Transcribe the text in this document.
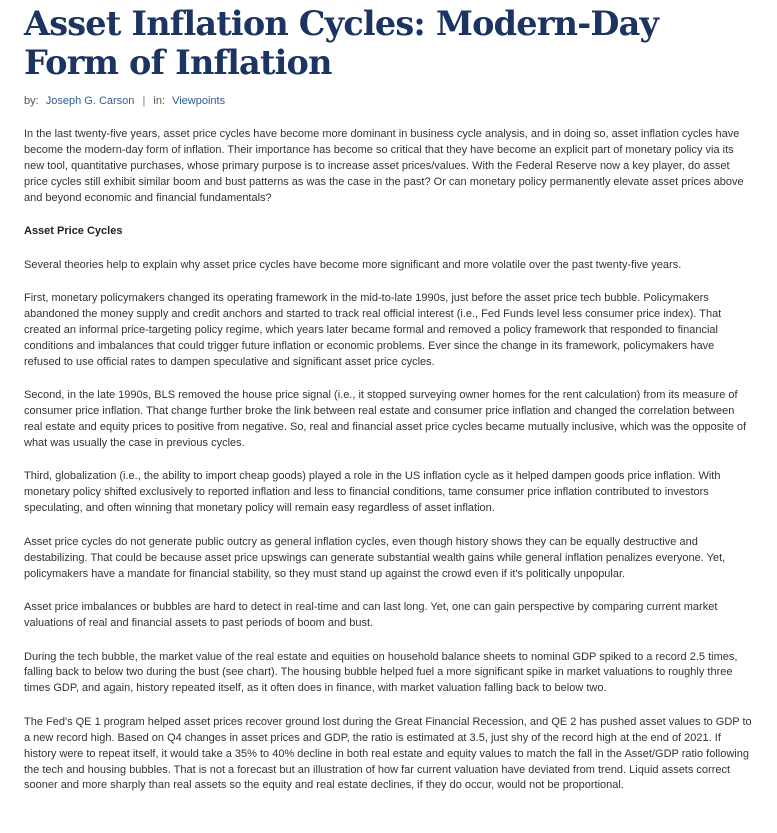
Asset Inflation Cycles: Modern-Day Form of Inflation
by: Joseph G. Carson | in: Viewpoints

In the last twenty-five years, asset price cycles have become more dominant in business cycle analysis, and in doing so, asset inflation cycles have become the modern-day form of inflation. Their importance has become so critical that they have become an explicit part of monetary policy via its new tool, quantitative purchases, whose primary purpose is to increase asset prices/values. With the Federal Reserve now a key player, do asset price cycles still exhibit similar boom and bust patterns as was the case in the past? Or can monetary policy permanently elevate asset prices above and beyond economic and financial fundamentals?

Asset Price Cycles

Several theories help to explain why asset price cycles have become more significant and more volatile over the past twenty-five years.

First, monetary policymakers changed its operating framework in the mid-to-late 1990s, just before the asset price tech bubble. Policymakers abandoned the money supply and credit anchors and started to track real official interest (i.e., Fed Funds level less consumer price index). That created an informal price-targeting policy regime, which years later became formal and removed a policy framework that responded to financial conditions and imbalances that could trigger future inflation or economic problems. Ever since the change in its framework, policymakers have refused to use official rates to dampen speculative and significant asset price cycles.

Second, in the late 1990s, BLS removed the house price signal (i.e., it stopped surveying owner homes for the rent calculation) from its measure of consumer price inflation. That change further broke the link between real estate and consumer price inflation and changed the correlation between real estate and equity prices to positive from negative. So, real and financial asset price cycles became mutually inclusive, which was the opposite of what was usually the case in previous cycles.

Third, globalization (i.e., the ability to import cheap goods) played a role in the US inflation cycle as it helped dampen goods price inflation. With monetary policy shifted exclusively to reported inflation and less to financial conditions, tame consumer price inflation contributed to investors speculating, and often winning that monetary policy will remain easy regardless of asset inflation.

Asset price cycles do not generate public outcry as general inflation cycles, even though history shows they can be equally destructive and destabilizing. That could be because asset price upswings can generate substantial wealth gains while general inflation penalizes everyone. Yet, policymakers have a mandate for financial stability, so they must stand up against the crowd even if it's politically unpopular.

Asset price imbalances or bubbles are hard to detect in real-time and can last long. Yet, one can gain perspective by comparing current market valuations of real and financial assets to past periods of boom and bust.

During the tech bubble, the market value of the real estate and equities on household balance sheets to nominal GDP spiked to a record 2.5 times, falling back to below two during the bust (see chart). The housing bubble helped fuel a more significant spike in market valuations to roughly three times GDP, and again, history repeated itself, as it often does in finance, with market valuation falling back to below two.

The Fed's QE 1 program helped asset prices recover ground lost during the Great Financial Recession, and QE 2 has pushed asset values to GDP to a new record high. Based on Q4 changes in asset prices and GDP, the ratio is estimated at 3.5, just shy of the record high at the end of 2021. If history were to repeat itself, it would take a 35% to 40% decline in both real estate and equity values to match the fall in the Asset/GDP ratio following the tech and housing bubbles. That is not a forecast but an illustration of how far current valuation have deviated from trend. Liquid assets correct sooner and more sharply than real assets so the equity and real estate declines, if they do occur, would not be proportional.
